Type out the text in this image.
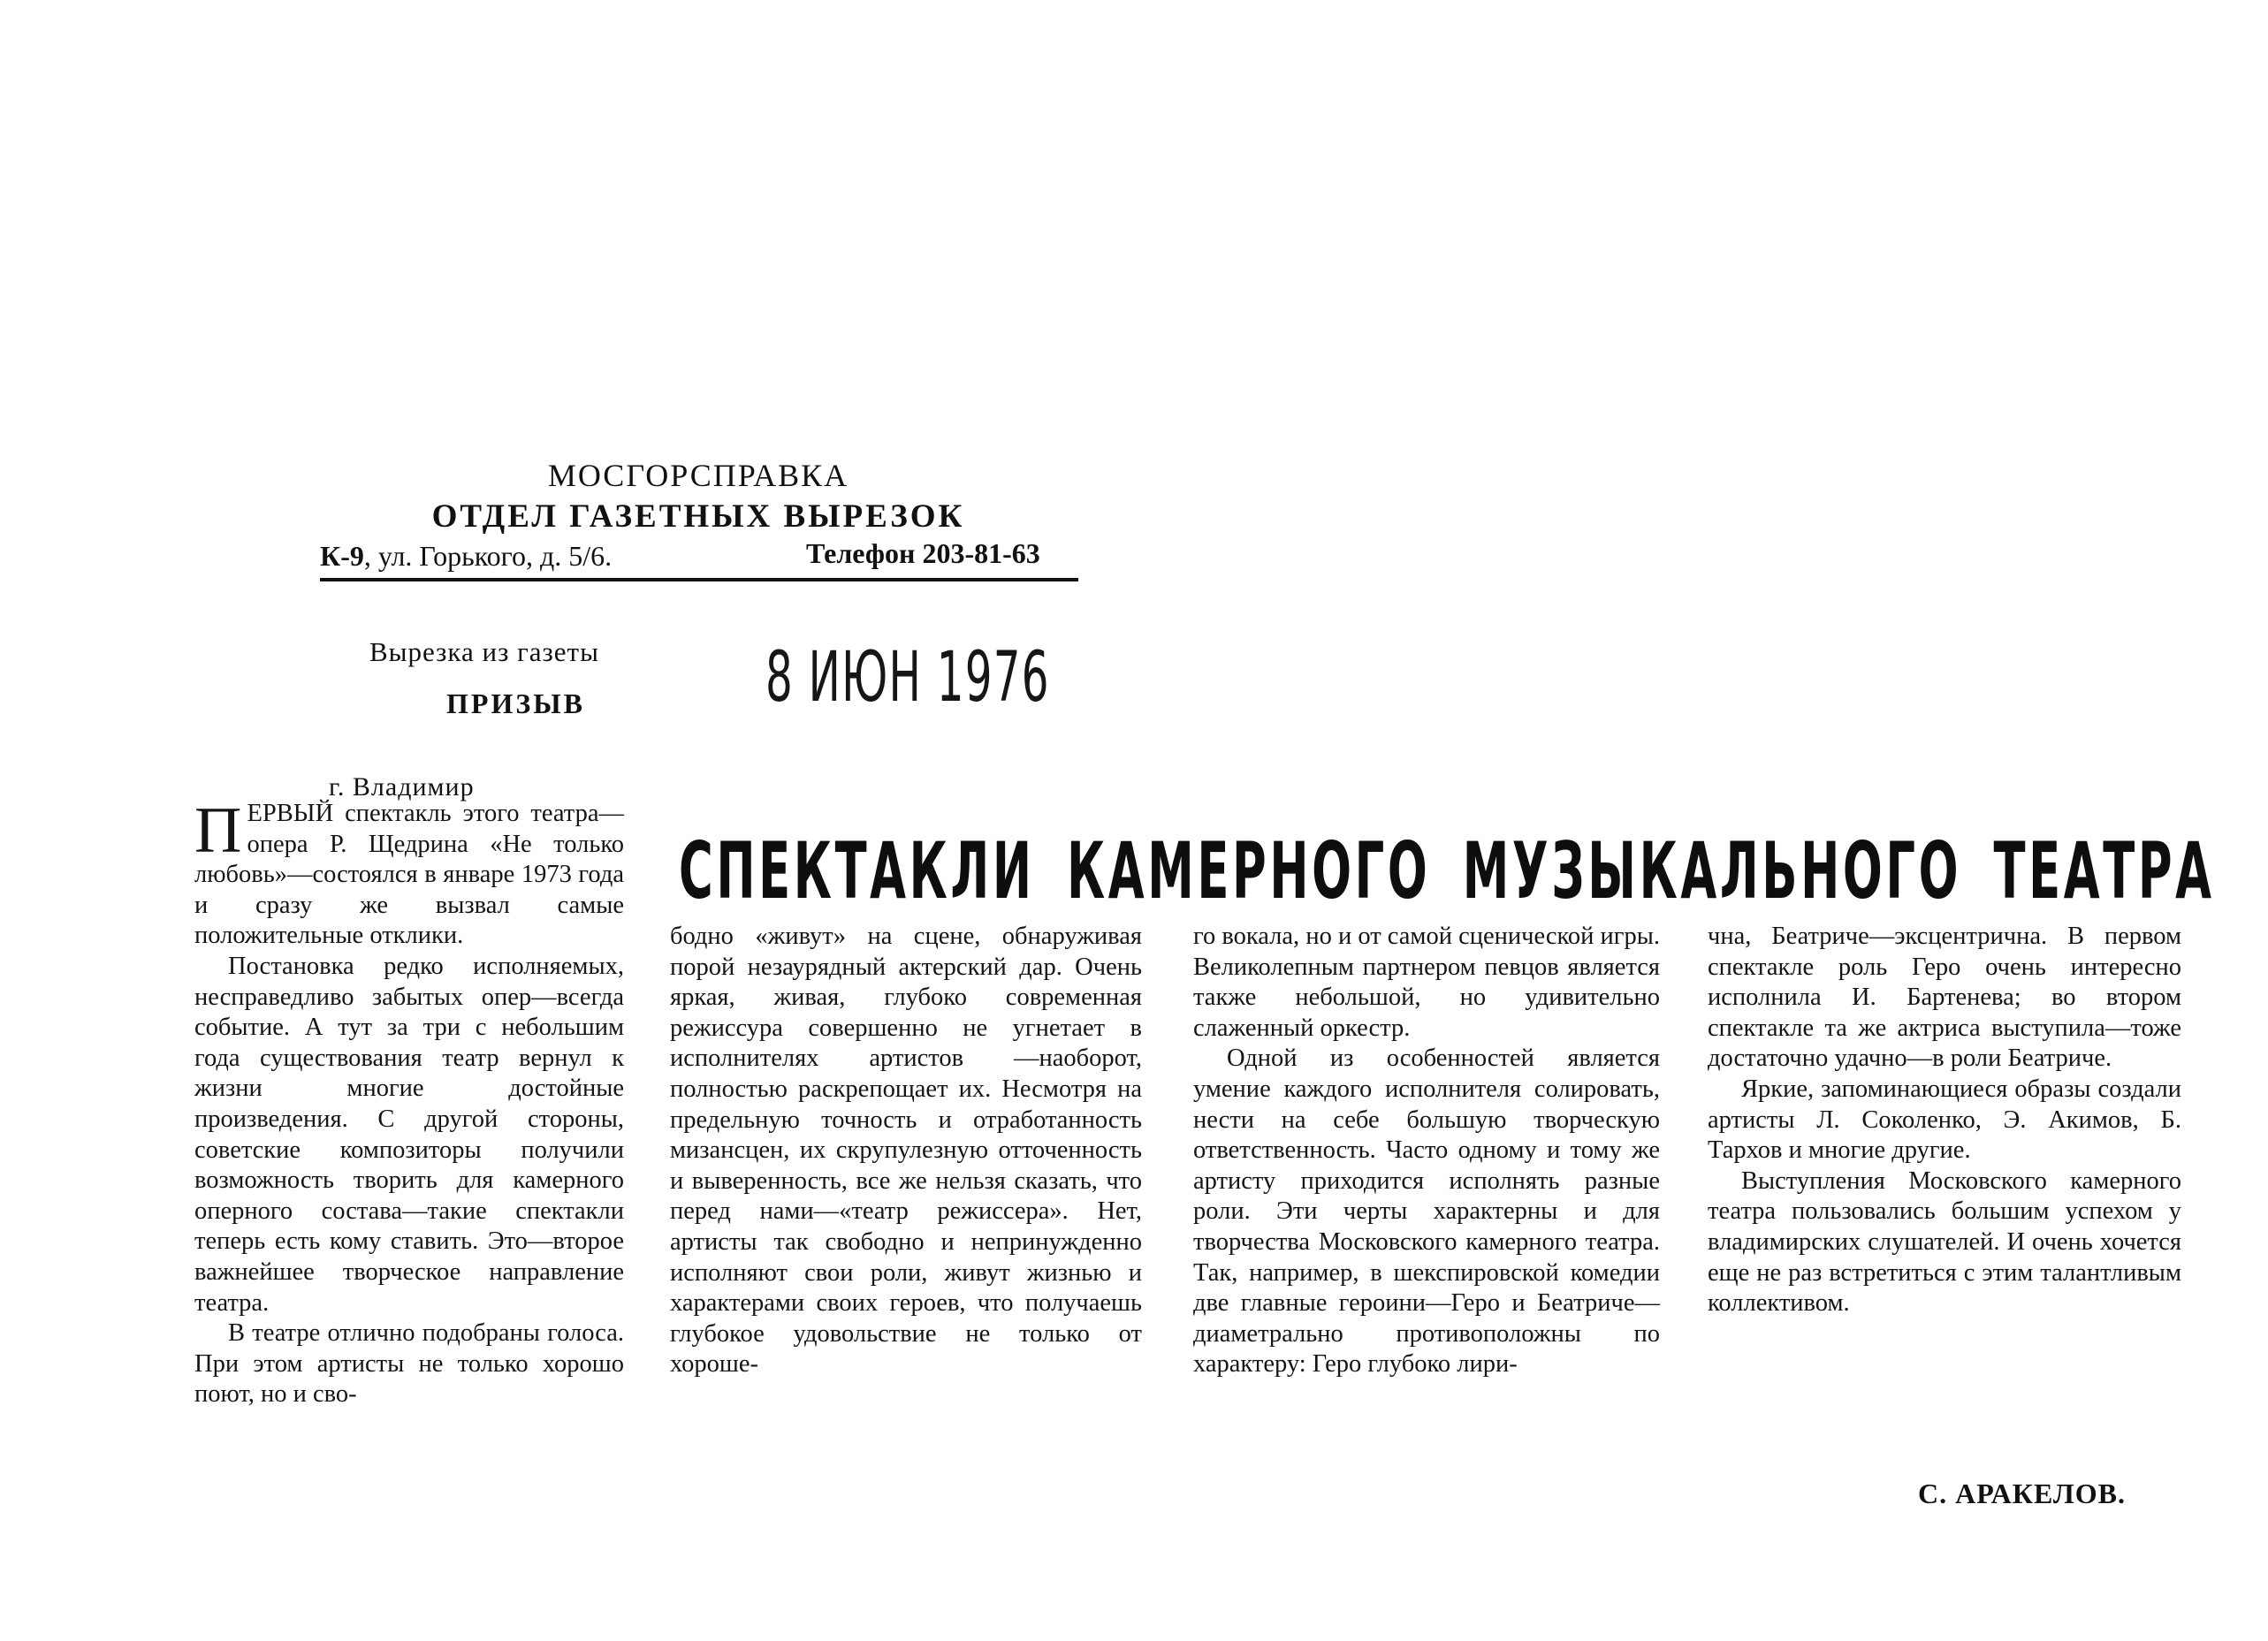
МОСГОРСПРАВКА
ОТДЕЛ ГАЗЕТНЫХ ВЫРЕЗОК
К-9, ул. Горького, д. 5/6.	Телефон 203-81-63
Вырезка из газеты
ПРИЗЫВ	8 ИЮН 1976
СПЕКТАКЛИ КАМЕРНОГО МУЗЫКАЛЬНОГО ТЕАТРА
г. Владимир

ПЕРВЫЙ спектакль этого театра—опера Р. Щедрина «Не только любовь»—состоялся в январе 1973 года и сразу же вызвал самые положительные отклики.

Постановка редко исполняемых, несправедливо забытых опер—всегда событие. А тут за три с небольшим года существования театр вернул к жизни многие достойные произведения. С другой стороны, советские композиторы получили возможность творить для камерного оперного состава—такие спектакли теперь есть кому ставить. Это—второе важнейшее творческое направление театра.

В театре отлично подобраны голоса. При этом артисты не только хорошо поют, но и сво-

бодно «живут» на сцене, обнаруживая порой незаурядный актерский дар. Очень яркая, живая, глубоко современная режиссура совершенно не угнетает в исполнителях артистов —наоборот, полностью раскрепощает их. Несмотря на предельную точность и отработанность мизансцен, их скрупулезную отточенность и выверенность, все же нельзя сказать, что перед нами—«театр режиссера». Нет, артисты так свободно и непринужденно исполняют свои роли, живут жизнью и характерами своих героев, что получаешь глубокое удовольствие не только от хороше-

го вокала, но и от самой сценической игры. Великолепным партнером певцов является также небольшой, но удивительно слаженный оркестр.

Одной из особенностей является умение каждого исполнителя солировать, нести на себе большую творческую ответственность. Часто одному и тому же артисту приходится исполнять разные роли. Эти черты характерны и для творчества Московского камерного театра. Так, например, в шекспировской комедии две главные героини—Геро и Беатриче—диаметрально противоположны по характеру: Геро глубоко лири-

чна, Беатриче—эксцентрична. В первом спектакле роль Геро очень интересно исполнила И. Бартенева; во втором спектакле та же актриса выступила—тоже достаточно удачно—в роли Беатриче.

Яркие, запоминающиеся образы создали артисты Л. Соколенко, Э. Акимов, Б. Тархов и многие другие.

Выступления Московского камерного театра пользовались большим успехом у владимирских слушателей. И очень хочется еще не раз встретиться с этим талантливым коллективом.

С. АРАКЕЛОВ.
